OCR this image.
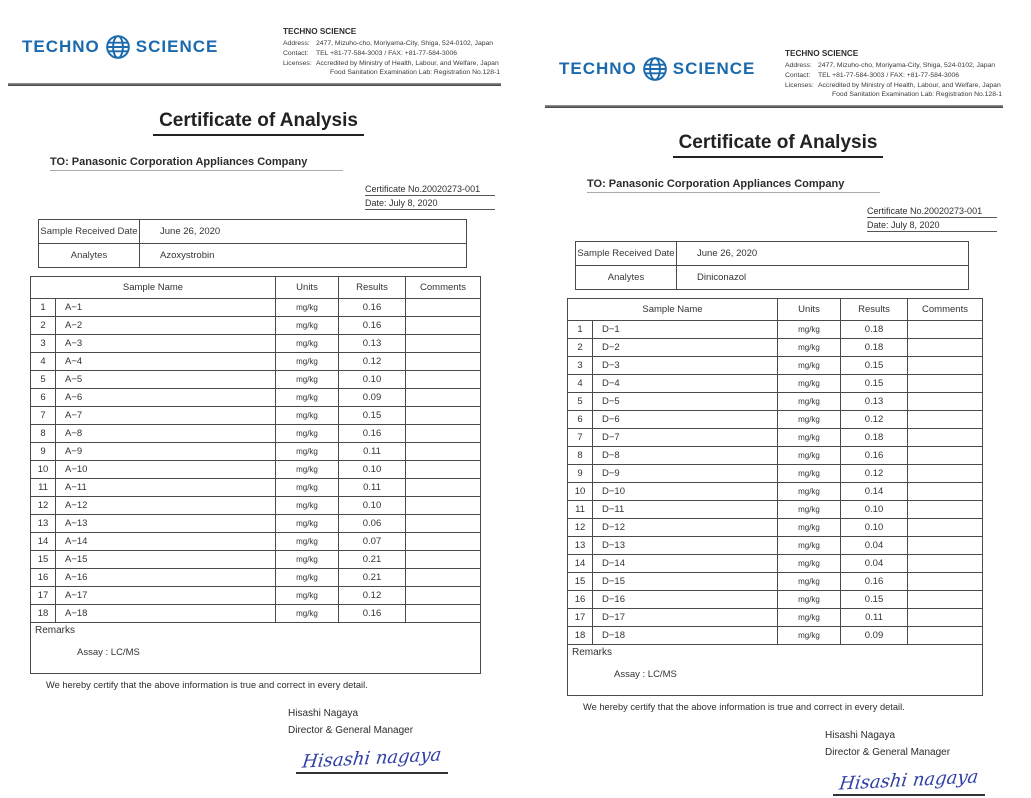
TECHNO SCIENCE
TECHNO SCIENCE
Address: 2477, Mizuho-cho, Moriyama-City, Shiga, 524-0102, Japan
Contact:	TEL +81-77-584-3003 / FAX: +81-77-584-3006
Licenses: Accredited by Ministry of Health, Labour, and Welfare, Japan
Food Sanitation Examination Lab: Registration No.128-1
Certificate of Analysis
TO: Panasonic Corporation Appliances Company
Certificate No.20020273-001
Date: July 8, 2020
Sample Received Date	June 26, 2020
Analytes	Azoxystrobin
Sample Name		Units	Results	Comments
1	A−1	mg/kg	0.16	
2	A−2	mg/kg	0.16	
3	A−3	mg/kg	0.13	
4	A−4	mg/kg	0.12	
5	A−5	mg/kg	0.10	
6	A−6	mg/kg	0.09	
7	A−7	mg/kg	0.15	
8	A−8	mg/kg	0.16	
9	A−9	mg/kg	0.11	
10	A−10	mg/kg	0.10	
11	A−11	mg/kg	0.11	
12	A−12	mg/kg	0.10	
13	A−13	mg/kg	0.06	
14	A−14	mg/kg	0.07	
15	A−15	mg/kg	0.21	
16	A−16	mg/kg	0.21	
17	A−17	mg/kg	0.12	
18	A−18	mg/kg	0.16	
Remarks
Assay : LC/MS
We hereby certify that the above information is true and correct in every detail.
Hisashi Nagaya
Director & General Manager
Hisashi nagaya
TECHNO SCIENCE
TECHNO SCIENCE
Address: 2477, Mizuho-cho, Moriyama-City, Shiga, 524-0102, Japan
Contact:	TEL +81-77-584-3003 / FAX: +81-77-584-3006
Licenses: Accredited by Ministry of Health, Labour, and Welfare, Japan
Food Sanitation Examination Lab: Registration No.128-1
Certificate of Analysis
TO: Panasonic Corporation Appliances Company
Certificate No.20020273-001
Date: July 8, 2020
Sample Received Date	June 26, 2020
Analytes	Diniconazol
Sample Name		Units	Results	Comments
1	D−1	mg/kg	0.18	
2	D−2	mg/kg	0.18	
3	D−3	mg/kg	0.15	
4	D−4	mg/kg	0.15	
5	D−5	mg/kg	0.13	
6	D−6	mg/kg	0.12	
7	D−7	mg/kg	0.18	
8	D−8	mg/kg	0.16	
9	D−9	mg/kg	0.12	
10	D−10	mg/kg	0.14	
11	D−11	mg/kg	0.10	
12	D−12	mg/kg	0.10	
13	D−13	mg/kg	0.04	
14	D−14	mg/kg	0.04	
15	D−15	mg/kg	0.16	
16	D−16	mg/kg	0.15	
17	D−17	mg/kg	0.11	
18	D−18	mg/kg	0.09	
Remarks
Assay : LC/MS
We hereby certify that the above information is true and correct in every detail.
Hisashi Nagaya
Director & General Manager
Hisashi nagaya
